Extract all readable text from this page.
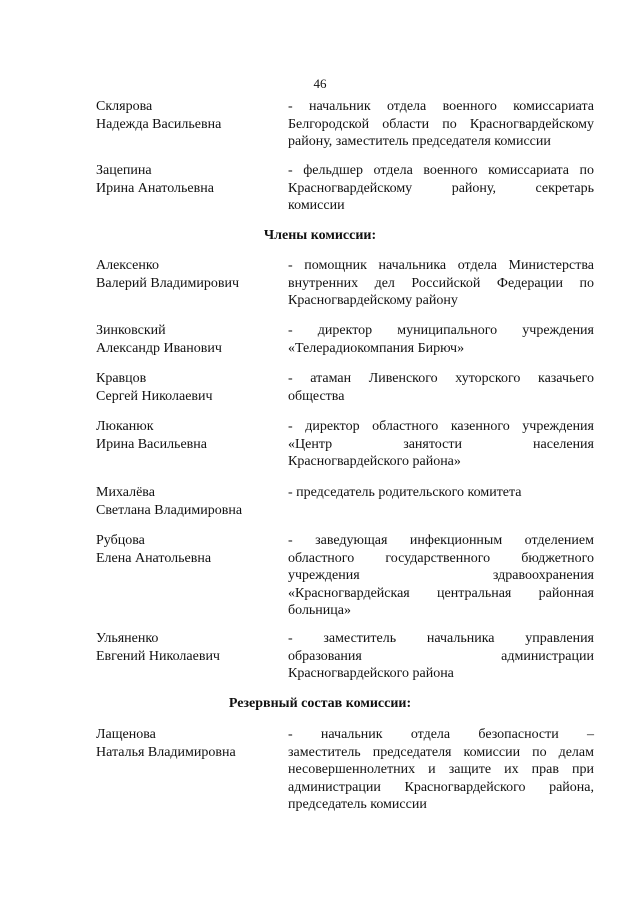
46
Склярова
Надежда Васильевна
- начальник отдела военного комиссариата
Белгородской области по Красногвардейскому
району, заместитель председателя комиссии
Зацепина
Ирина Анатольевна
- фельдшер отдела военного комиссариата по
Красногвардейскому району, секретарь
комиссии
Члены комиссии:
Алексенко
Валерий Владимирович
- помощник начальника отдела Министерства
внутренних дел Российской Федерации по
Красногвардейскому району
Зинковский
Александр Иванович
- директор муниципального учреждения
«Телерадиокомпания Бирюч»
Кравцов
Сергей Николаевич
- атаман Ливенского хуторского казачьего
общества
Люканюк
Ирина Васильевна
- директор областного казенного учреждения
«Центр занятости населения
Красногвардейского района»
Михалёва
Светлана Владимировна
- председатель родительского комитета
Рубцова
Елена Анатольевна
- заведующая инфекционным отделением
областного государственного бюджетного
учреждения здравоохранения
«Красногвардейская центральная районная
больница»
Ульяненко
Евгений Николаевич
- заместитель начальника управления
образования администрации
Красногвардейского района
Резервный состав комиссии:
Лащенова
Наталья Владимировна
- начальник отдела безопасности –
заместитель председателя комиссии по делам
несовершеннолетних и защите их прав при
администрации Красногвардейского района,
председатель комиссии
